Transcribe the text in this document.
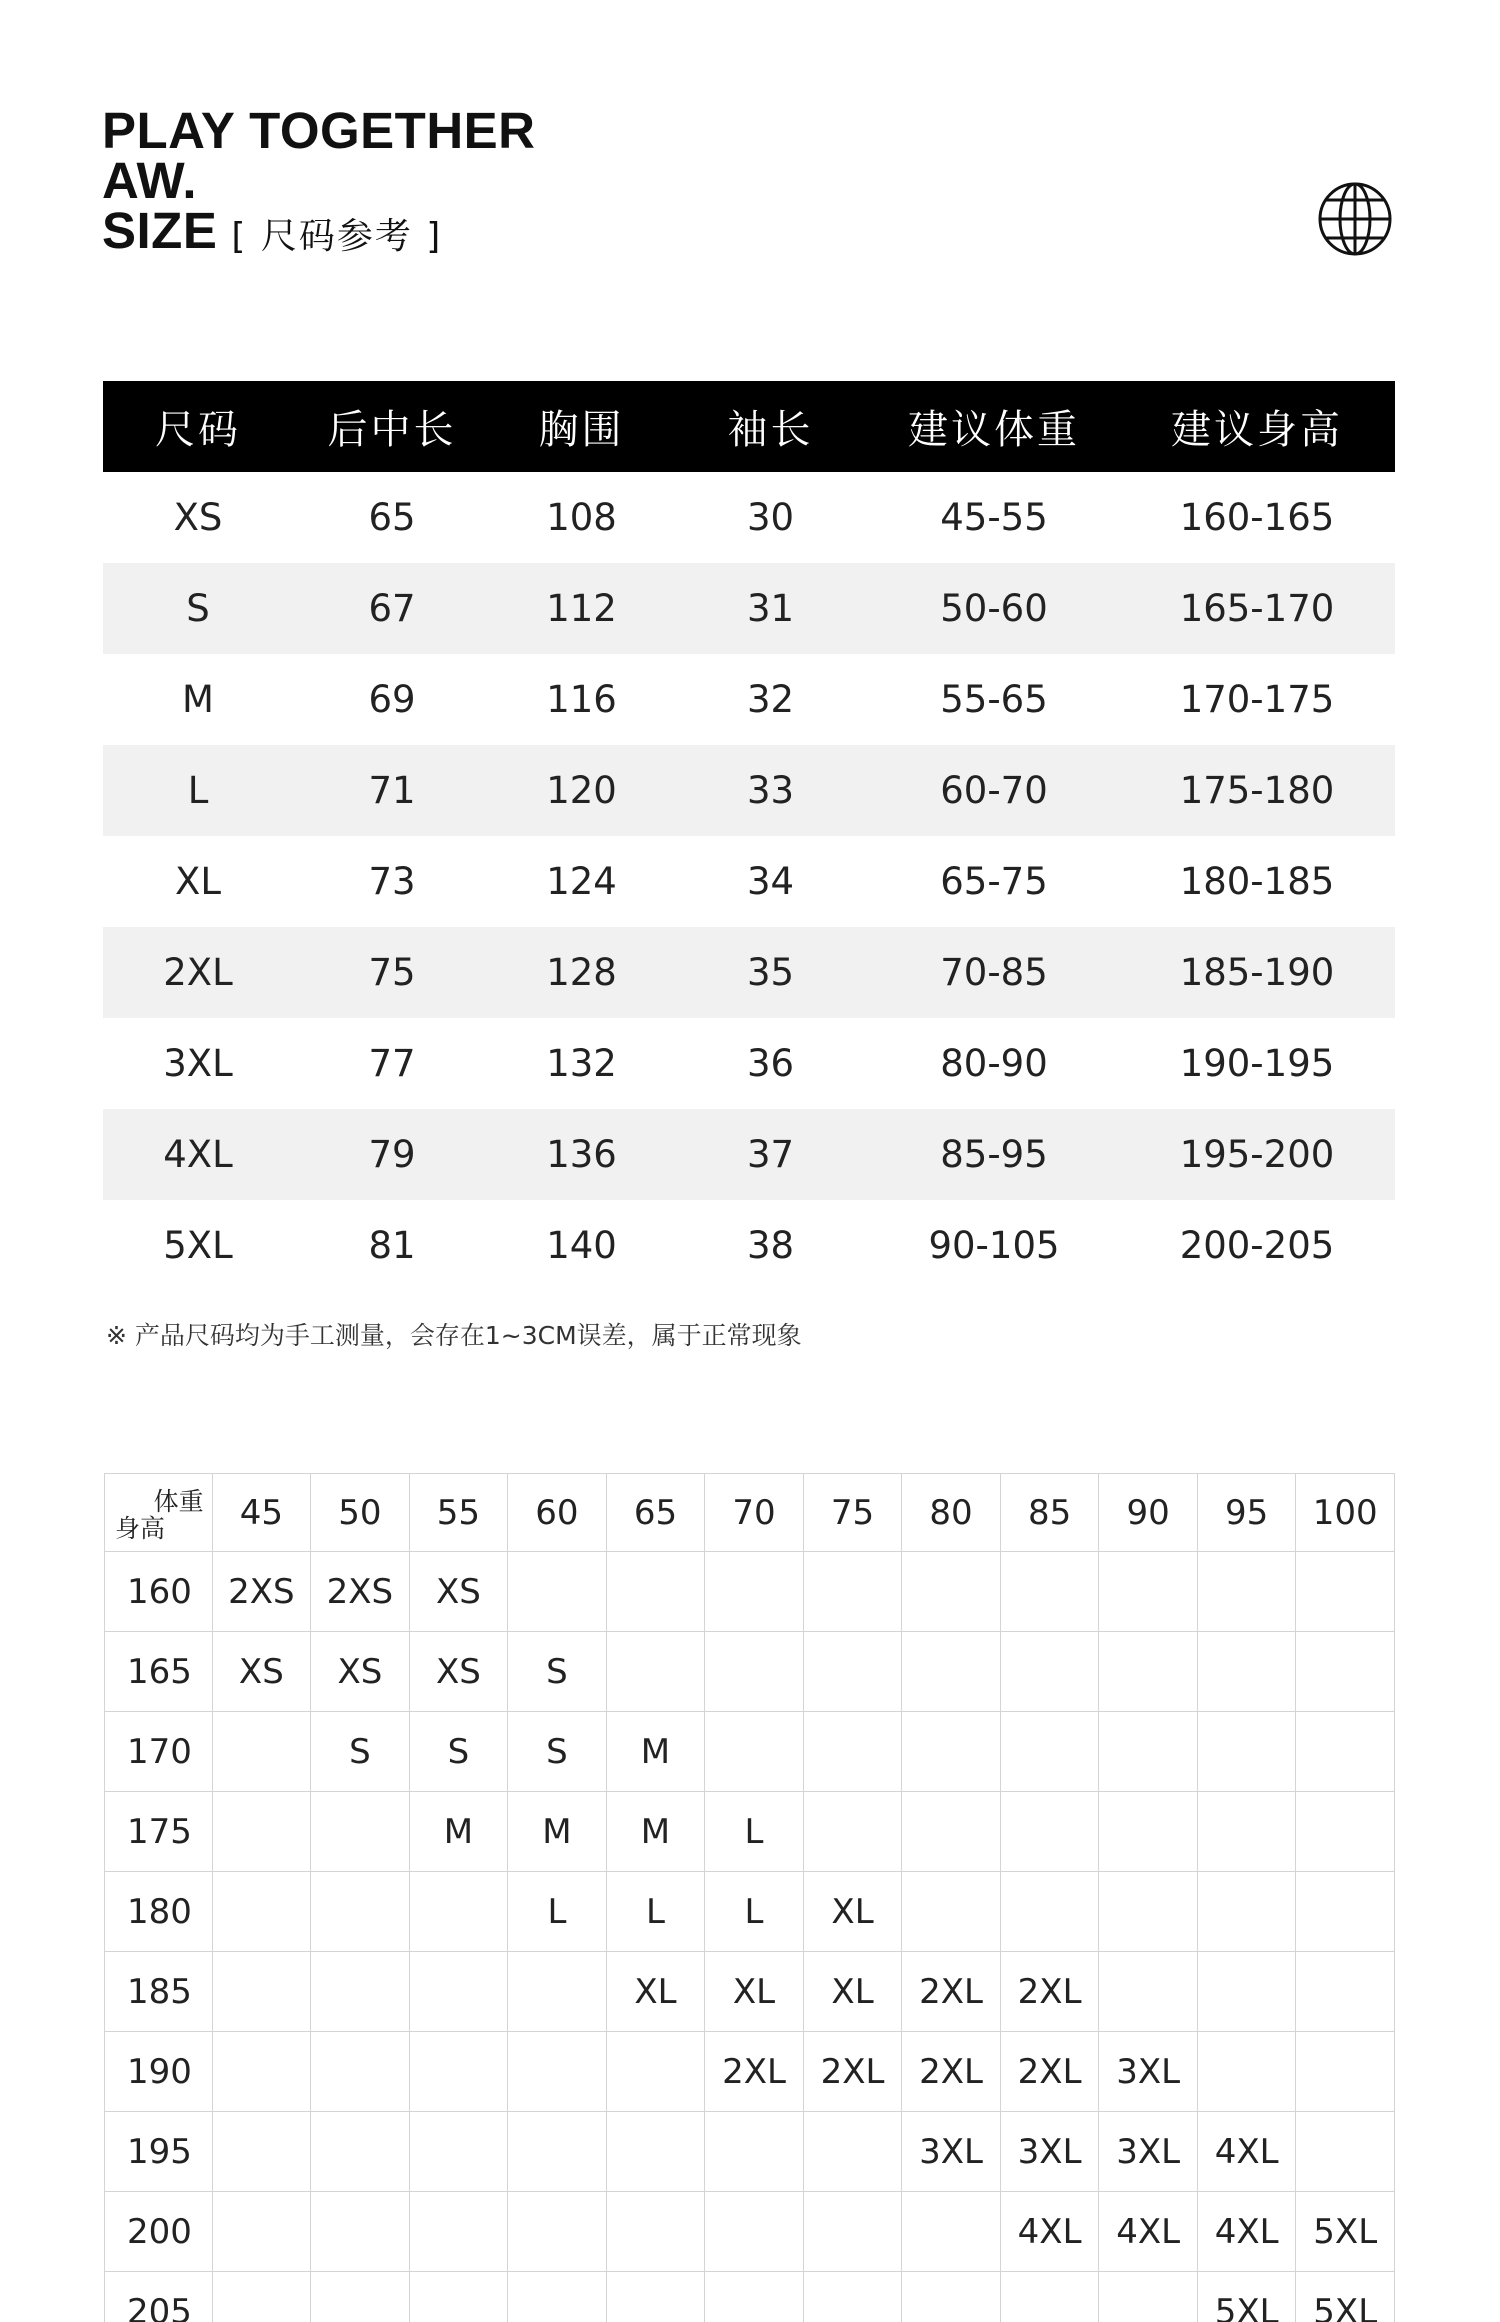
PLAY TOGETHER
AW.
SIZE [ 尺码参考 ]
尺码	后中长	胸围	袖长	建议体重	建议身高
XS	65	108	30	45-55	160-165
S	67	112	31	50-60	165-170
M	69	116	32	55-65	170-175
L	71	120	33	60-70	175-180
XL	73	124	34	65-75	180-185
2XL	75	128	35	70-85	185-190
3XL	77	132	36	80-90	190-195
4XL	79	136	37	85-95	195-200
5XL	81	140	38	90-105	200-205
※ 产品尺码均为手工测量，会存在1~3CM误差，属于正常现象
体重
身高	45	50	55	60	65	70	75	80	85	90	95	100
160	2XS	2XS	XS									
165	XS	XS	XS	S								
170		S	S	S	M							
175			M	M	M	L						
180				L	L	L	XL					
185					XL	XL	XL	2XL	2XL			
190						2XL	2XL	2XL	2XL	3XL		
195								3XL	3XL	3XL	4XL	
200									4XL	4XL	4XL	5XL
205											5XL	5XL
